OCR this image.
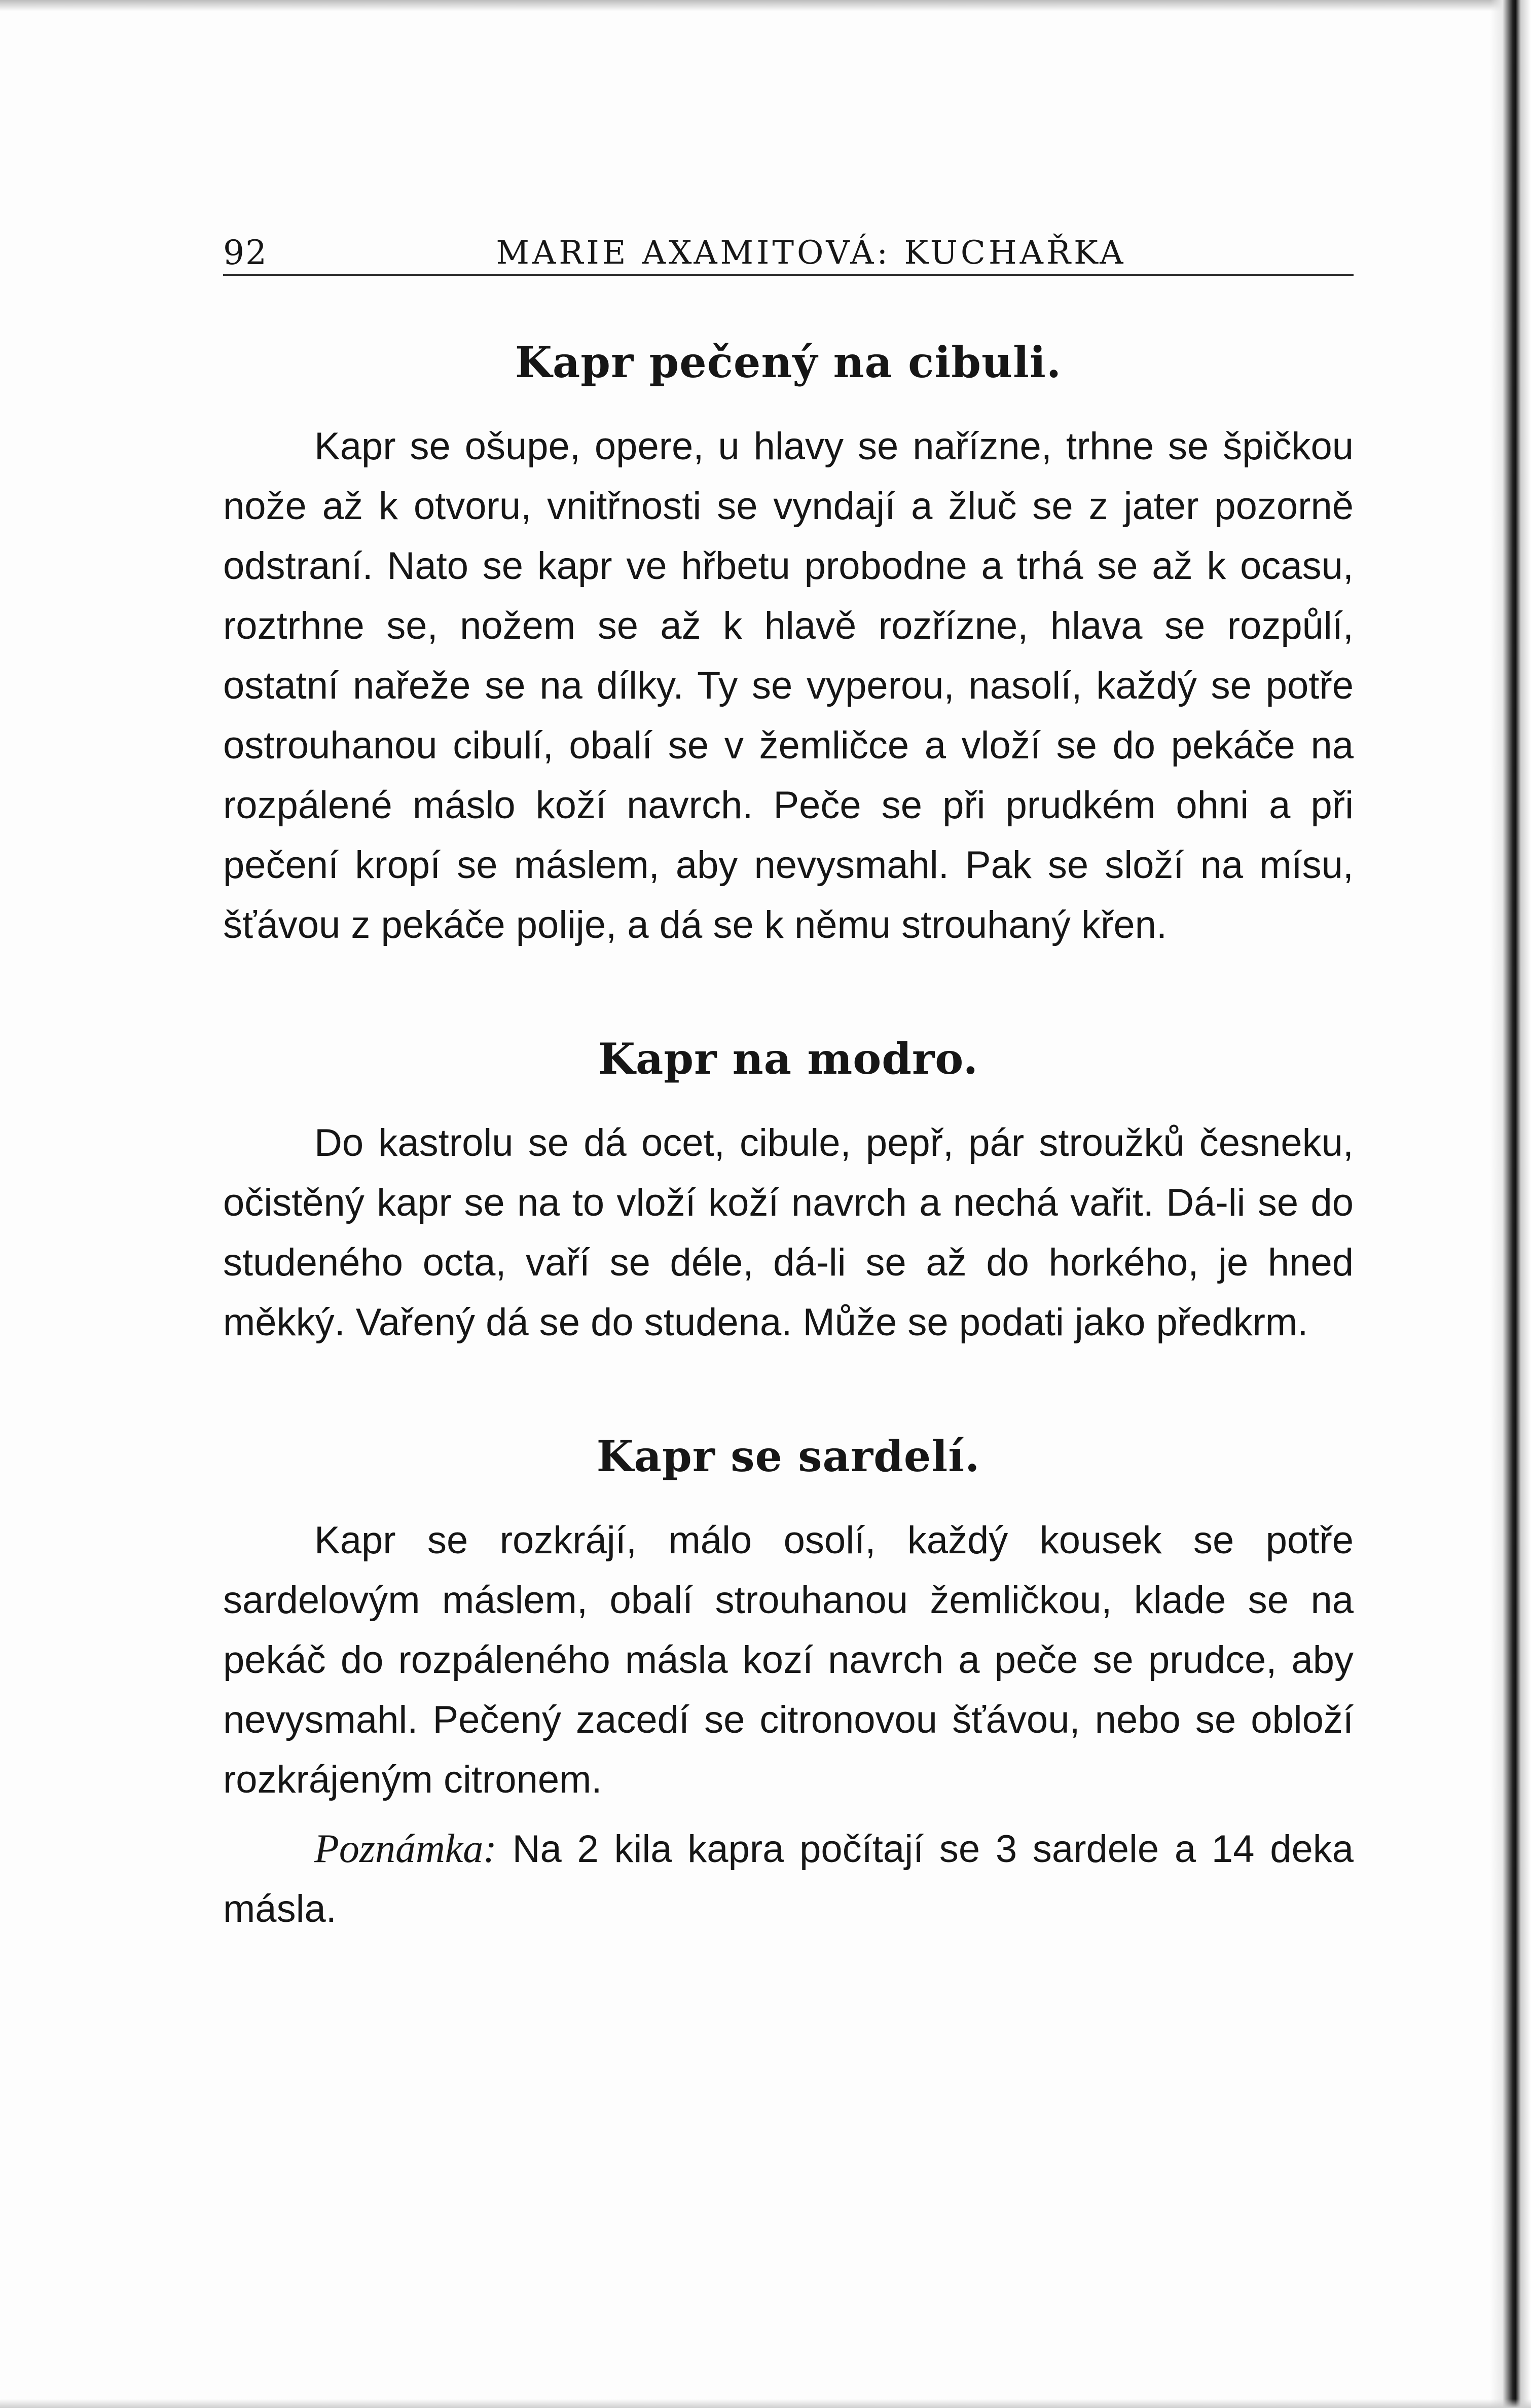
92	MARIE AXAMITOVÁ: KUCHAŘKA
Kapr pečený na cibuli.

Kapr se ošupe, opere, u hlavy se nařízne, trhne se špičkou nože až k otvoru, vnitřnosti se vyndají a žluč se z jater pozorně odstraní. Nato se kapr ve hřbetu probodne a trhá se až k ocasu, roztrhne se, nožem se až k hlavě rozřízne, hlava se rozpůlí, ostatní nařeže se na dílky. Ty se vyperou, nasolí, každý se potře ostrouhanou cibulí, obalí se v žemličce a vloží se do pekáče na rozpálené máslo koží navrch. Peče se při prudkém ohni a při pečení kropí se máslem, aby nevysmahl. Pak se složí na mísu, šťávou z pekáče polije, a dá se k němu strouhaný křen.

Kapr na modro.

Do kastrolu se dá ocet, cibule, pepř, pár stroužků česneku, očistěný kapr se na to vloží koží navrch a nechá vařit. Dá-li se do studeného octa, vaří se déle, dá-li se až do horkého, je hned měkký. Vařený dá se do studena. Může se podati jako předkrm.

Kapr se sardelí.

Kapr se rozkrájí, málo osolí, každý kousek se potře sardelovým máslem, obalí strouhanou žemličkou, klade se na pekáč do rozpáleného másla kozí navrch a peče se prudce, aby nevysmahl. Pečený zacedí se citronovou šťávou, nebo se obloží rozkrájeným citronem.

Poznámka: Na 2 kila kapra počítají se 3 sardele a 14 deka másla.
